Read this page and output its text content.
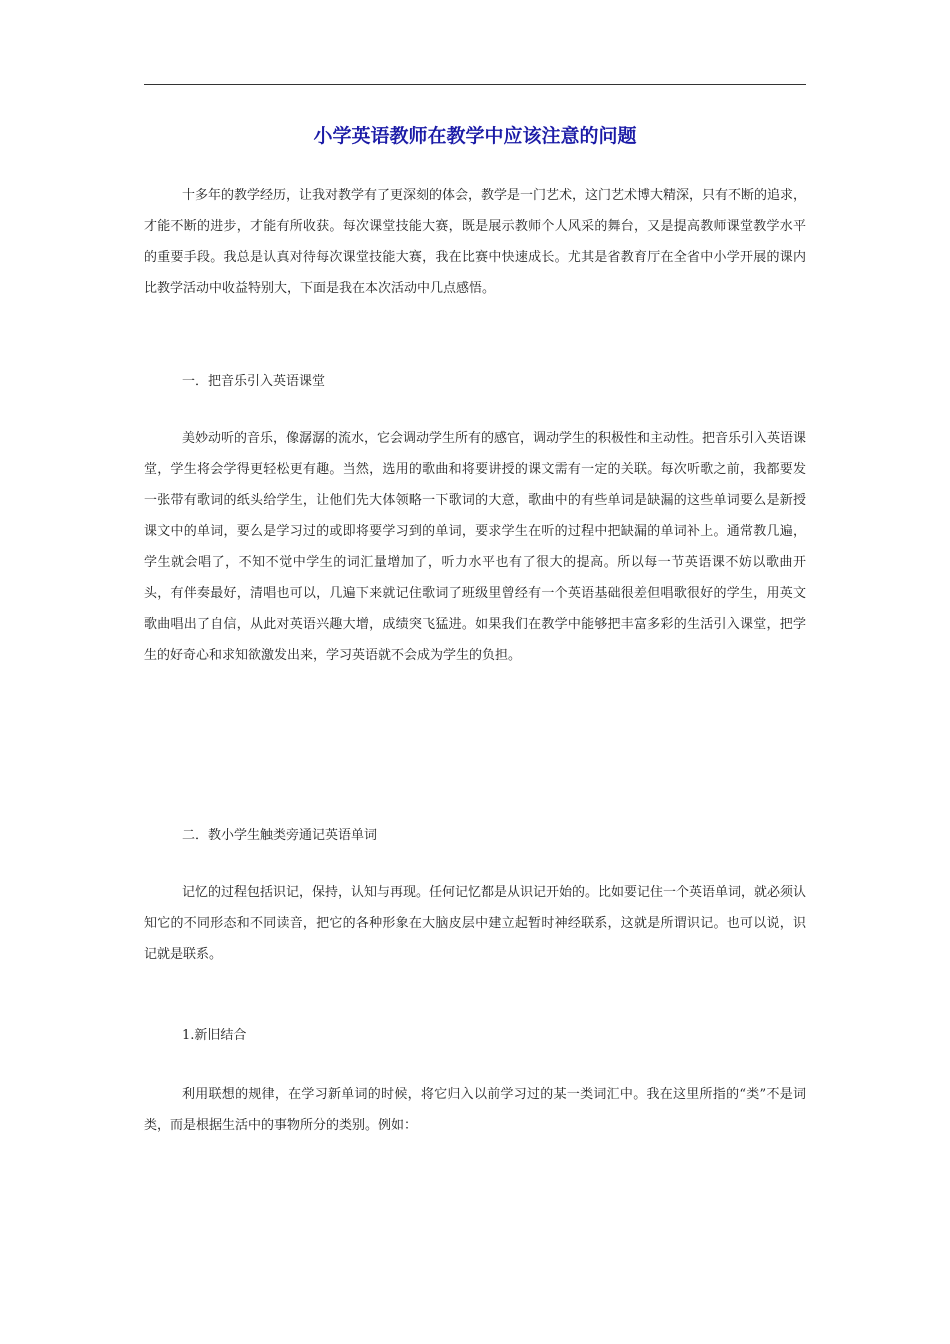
小学英语教师在教学中应该注意的问题
十多年的教学经历，让我对教学有了更深刻的体会，教学是一门艺术，这门艺术博大精深，只有不断的追求，才能不断的进步，才能有所收获。每次课堂技能大赛，既是展示教师个人风采的舞台，又是提高教师课堂教学水平的重要手段。我总是认真对待每次课堂技能大赛，我在比赛中快速成长。尤其是省教育厅在全省中小学开展的课内比教学活动中收益特别大，下面是我在本次活动中几点感悟。
一．把音乐引入英语课堂
美妙动听的音乐，像潺潺的流水，它会调动学生所有的感官，调动学生的积极性和主动性。把音乐引入英语课堂，学生将会学得更轻松更有趣。当然，选用的歌曲和将要讲授的课文需有一定的关联。每次听歌之前，我都要发一张带有歌词的纸头给学生，让他们先大体领略一下歌词的大意，歌曲中的有些单词是缺漏的这些单词要么是新授课文中的单词，要么是学习过的或即将要学习到的单词，要求学生在听的过程中把缺漏的单词补上。通常教几遍，学生就会唱了，不知不觉中学生的词汇量增加了，听力水平也有了很大的提高。所以每一节英语课不妨以歌曲开头，有伴奏最好，清唱也可以，几遍下来就记住歌词了班级里曾经有一个英语基础很差但唱歌很好的学生，用英文歌曲唱出了自信，从此对英语兴趣大增，成绩突飞猛进。如果我们在教学中能够把丰富多彩的生活引入课堂，把学生的好奇心和求知欲激发出来，学习英语就不会成为学生的负担。
二．教小学生触类旁通记英语单词
记忆的过程包括识记，保持，认知与再现。任何记忆都是从识记开始的。比如要记住一个英语单词，就必须认知它的不同形态和不同读音，把它的各种形象在大脑皮层中建立起暂时神经联系，这就是所谓识记。也可以说，识记就是联系。
1.新旧结合
利用联想的规律，在学习新单词的时候，将它归入以前学习过的某一类词汇中。我在这里所指的“类”不是词类，而是根据生活中的事物所分的类别。例如：
